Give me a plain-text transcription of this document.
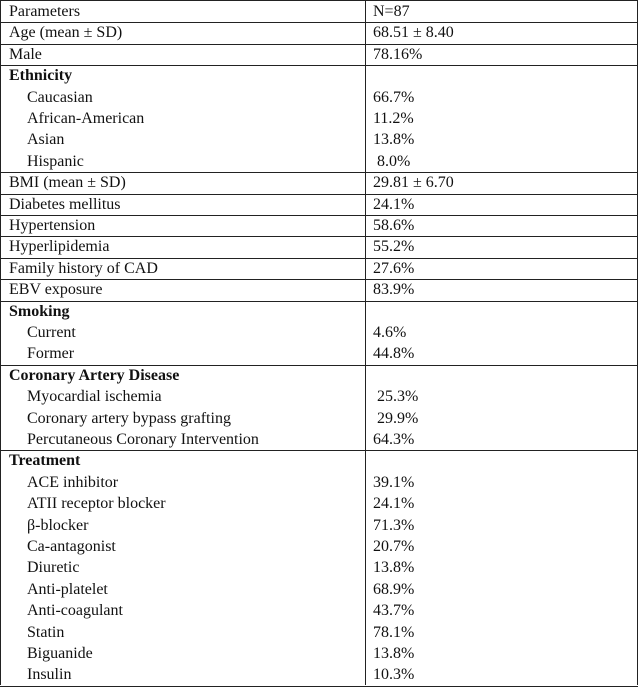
Parameters	N=87
Age (mean ± SD)	68.51 ± 8.40
Male	78.16%
Ethnicity
Caucasian	66.7%
African-American	11.2%
Asian	13.8%
Hispanic	8.0%
BMI (mean ± SD)	29.81 ± 6.70
Diabetes mellitus	24.1%
Hypertension	58.6%
Hyperlipidemia	55.2%
Family history of CAD	27.6%
EBV exposure	83.9%
Smoking
Current	4.6%
Former	44.8%
Coronary Artery Disease
Myocardial ischemia	25.3%
Coronary artery bypass grafting	29.9%
Percutaneous Coronary Intervention	64.3%
Treatment
ACE inhibitor	39.1%
ATII receptor blocker	24.1%
β-blocker	71.3%
Ca-antagonist	20.7%
Diuretic	13.8%
Anti-platelet	68.9%
Anti-coagulant	43.7%
Statin	78.1%
Biguanide	13.8%
Insulin	10.3%
